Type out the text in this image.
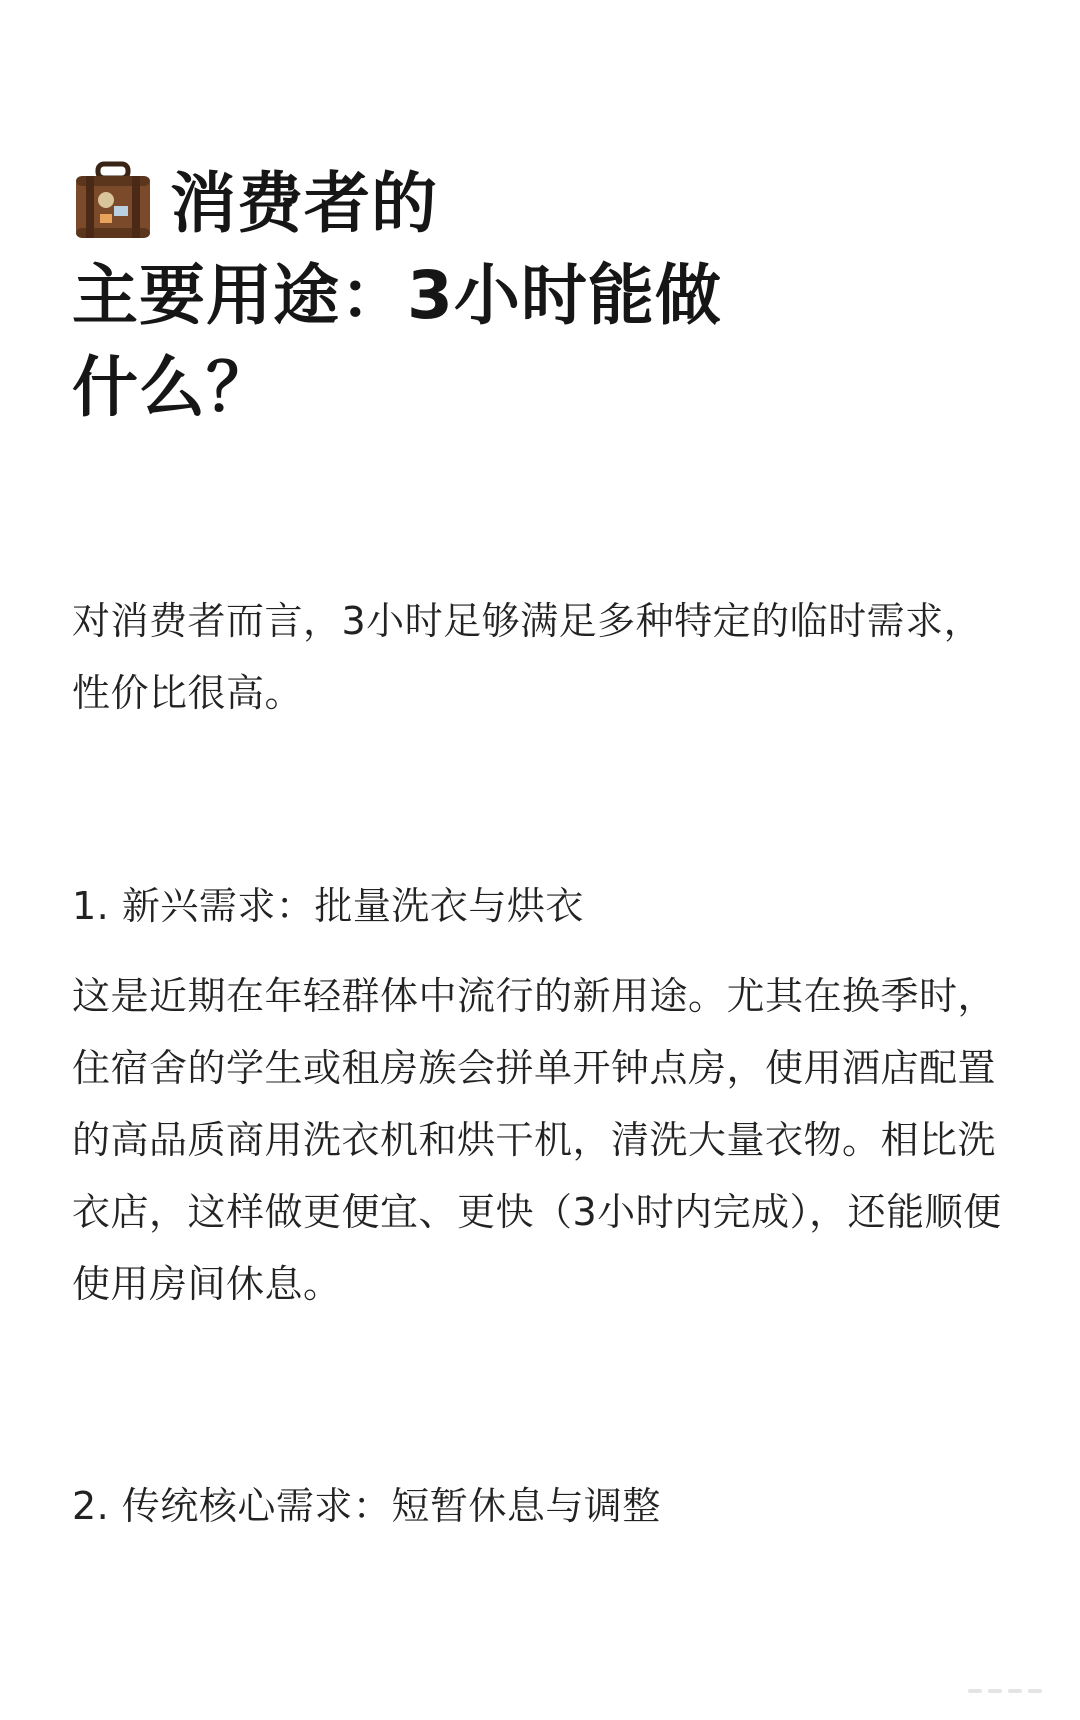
消费者的
主要用途：3小时能做
什么？
对消费者而言，3小时足够满足多种特定的临时需求，性价比很高。
1. 新兴需求：批量洗衣与烘衣
这是近期在年轻群体中流行的新用途。尤其在换季时，住宿舍的学生或租房族会拼单开钟点房，使用酒店配置的高品质商用洗衣机和烘干机，清洗大量衣物。相比洗衣店，这样做更便宜、更快（3小时内完成），还能顺便使用房间休息。
2. 传统核心需求：短暂休息与调整
